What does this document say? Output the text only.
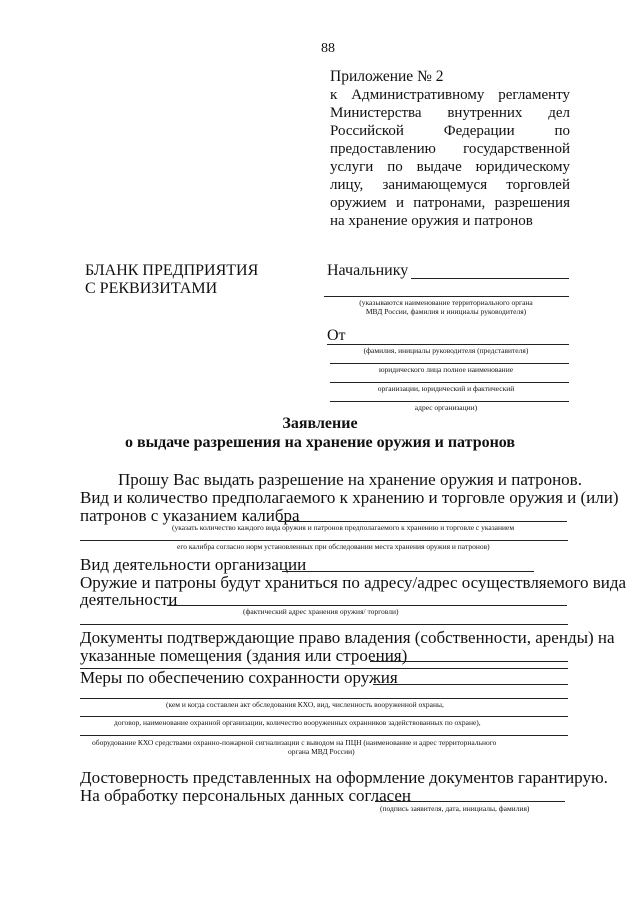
88
Приложение № 2
к Административному регламенту
Министерства внутренних дел
Российской Федерации по
предоставлению государственной
услуги по выдаче юридическому
лицу, занимающемуся торговлей
оружием и патронами, разрешения
на хранение оружия и патронов
БЛАНК ПРЕДПРИЯТИЯ
С РЕКВИЗИТАМИ
Начальнику
(указываются наименование территориального органа
МВД России, фамилия и инициалы руководителя)
От
(фамилия, инициалы руководителя (представителя)
юридического лица полное наименование
организации, юридический и фактический
адрес организации)
Заявление
о выдаче разрешения на хранение оружия и патронов
Прошу Вас выдать разрешение на хранение оружия и патронов.
Вид и количество предполагаемого к хранению и торговле оружия и (или)
патронов с указанием калибра
(указать количество каждого вида оружия и патронов предполагаемого к хранению и торговле с указанием
его калибра согласно норм установленных при обследовании места хранения оружия и патронов)
Вид деятельности организации
Оружие и патроны будут храниться по адресу/адрес осуществляемого вида
деятельности
(фактический адрес хранения оружия/ торговли)
Документы подтверждающие право владения (собственности, аренды) на
указанные помещения (здания или строения)
Меры по обеспечению сохранности оружия
(кем и когда составлен акт обследования КХО, вид, численность вооруженной охраны,
договор, наименование охранной организации, количество вооруженных охранников задействованных по охране),
оборудование КХО средствами охранно-пожарной сигнализации с выводом на ПЦН (наименование и адрес территориального
органа МВД России)
Достоверность представленных на оформление документов гарантирую.
На обработку персональных данных согласен
(подпись заявителя, дата, инициалы, фамилия)
